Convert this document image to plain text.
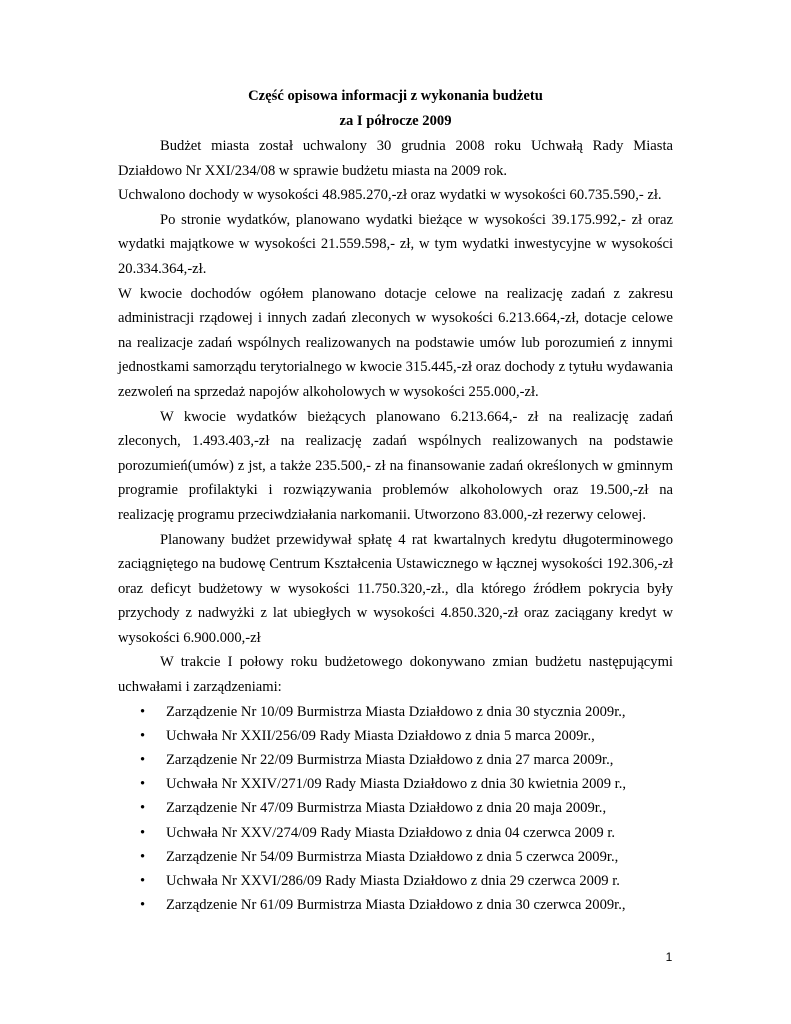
Część opisowa informacji z wykonania budżetu
za I półrocze 2009

Budżet miasta został uchwalony 30 grudnia 2008 roku Uchwałą Rady Miasta Działdowo Nr XXI/234/08 w sprawie budżetu miasta na 2009 rok.

Uchwalono dochody w wysokości 48.985.270,-zł oraz wydatki w wysokości 60.735.590,- zł.

Po stronie wydatków, planowano wydatki bieżące w wysokości 39.175.992,- zł oraz wydatki majątkowe w wysokości 21.559.598,- zł, w tym wydatki inwestycyjne w wysokości 20.334.364,-zł.

W kwocie dochodów ogółem planowano dotacje celowe na realizację zadań z zakresu administracji rządowej i innych zadań zleconych w wysokości 6.213.664,-zł, dotacje celowe na realizacje zadań wspólnych realizowanych na podstawie umów lub porozumień z innymi jednostkami samorządu terytorialnego w kwocie 315.445,-zł oraz dochody z tytułu wydawania zezwoleń na sprzedaż napojów alkoholowych w wysokości 255.000,-zł.

W kwocie wydatków bieżących planowano 6.213.664,- zł na realizację zadań zleconych, 1.493.403,-zł na realizację zadań wspólnych realizowanych na podstawie porozumień(umów) z jst, a także 235.500,- zł na finansowanie zadań określonych w gminnym programie profilaktyki i rozwiązywania problemów alkoholowych oraz 19.500,-zł na realizację programu przeciwdziałania narkomanii. Utworzono 83.000,-zł rezerwy celowej.

Planowany budżet przewidywał spłatę 4 rat kwartalnych kredytu długoterminowego zaciągniętego na budowę Centrum Kształcenia Ustawicznego w łącznej wysokości 192.306,-zł oraz deficyt budżetowy w wysokości 11.750.320,-zł., dla którego źródłem pokrycia były przychody z nadwyżki z lat ubiegłych w wysokości 4.850.320,-zł oraz zaciągany kredyt w wysokości 6.900.000,-zł

W trakcie I połowy roku budżetowego dokonywano zmian budżetu następującymi uchwałami i zarządzeniami:

• Zarządzenie Nr 10/09 Burmistrza Miasta Działdowo z dnia 30 stycznia 2009r.,
• Uchwała Nr XXII/256/09 Rady Miasta Działdowo z dnia 5 marca 2009r.,
• Zarządzenie Nr 22/09 Burmistrza Miasta Działdowo z dnia 27 marca 2009r.,
• Uchwała Nr XXIV/271/09 Rady Miasta Działdowo z dnia 30 kwietnia 2009 r.,
• Zarządzenie Nr 47/09 Burmistrza Miasta Działdowo z dnia 20 maja 2009r.,
• Uchwała Nr XXV/274/09 Rady Miasta Działdowo z dnia 04 czerwca 2009 r.
• Zarządzenie Nr 54/09 Burmistrza Miasta Działdowo z dnia 5 czerwca 2009r.,
• Uchwała Nr XXVI/286/09 Rady Miasta Działdowo z dnia 29 czerwca 2009 r.
• Zarządzenie Nr 61/09 Burmistrza Miasta Działdowo z dnia 30 czerwca 2009r.,
1
